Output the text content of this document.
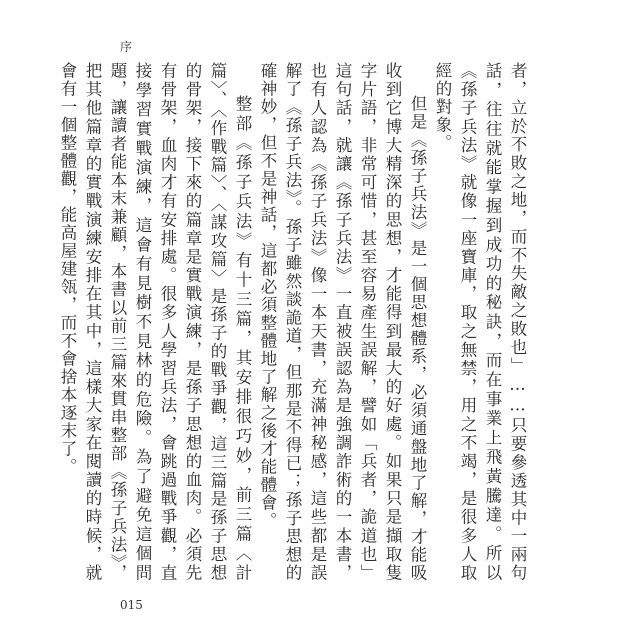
序

者，立於不敗之地，而不失敵之敗也」……只要參透其中一兩句話，往往就能掌握到成功的秘訣，而在事業上飛黃騰達。所以《孫子兵法》就像一座寶庫，取之無禁，用之不竭，是很多人取經的對象。

但是《孫子兵法》是一個思想體系，必須通盤地了解，才能吸收到它博大精深的思想，才能得到最大的好處。如果只是擷取隻字片語，非常可惜，甚至容易產生誤解，譬如「兵者，詭道也」這句話，就讓《孫子兵法》一直被誤認為是強調詐術的一本書，也有人認為《孫子兵法》像一本天書，充滿神秘感，這些都是誤解了《孫子兵法》。孫子雖然談詭道，但那是不得已；孫子思想的確神妙，但不是神話，這都必須整體地了解之後才能體會。

整部《孫子兵法》有十三篇，其安排很巧妙，前三篇〈計篇〉、〈作戰篇〉、〈謀攻篇〉是孫子的戰爭觀，這三篇是孫子思想的骨架，接下來的篇章是實戰演練，是孫子思想的血肉。必須先有骨架，血肉才有安排處。很多人學習兵法，會跳過戰爭觀，直接學習實戰演練，這會有見樹不見林的危險。為了避免這個問題，讓讀者能本末兼顧，本書以前三篇來貫串整部《孫子兵法》，把其他篇章的實戰演練安排在其中，這樣大家在閱讀的時候，就會有一個整體觀，能高屋建瓴，而不會捨本逐末了。

015
